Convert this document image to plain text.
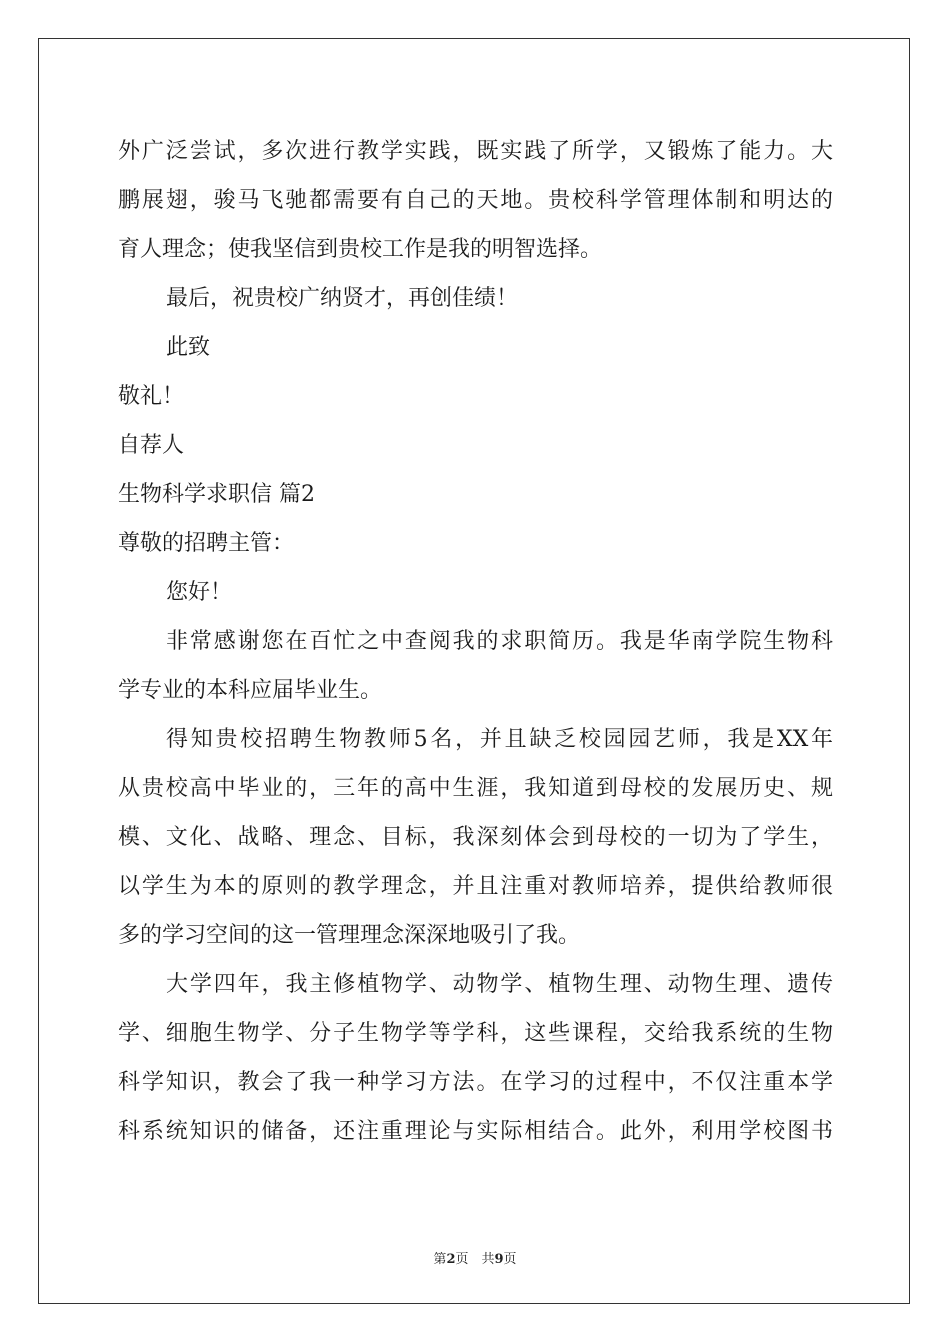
外广泛尝试，多次进行教学实践，既实践了所学，又锻炼了能力。大
鹏展翅，骏马飞驰都需要有自己的天地。贵校科学管理体制和明达的
育人理念；使我坚信到贵校工作是我的明智选择。
最后，祝贵校广纳贤才，再创佳绩！
此致
敬礼！
自荐人
生物科学求职信 篇2
尊敬的招聘主管：
您好！
非常感谢您在百忙之中查阅我的求职简历。我是华南学院生物科
学专业的本科应届毕业生。
得知贵校招聘生物教师5名，并且缺乏校园园艺师，我是XX年
从贵校高中毕业的，三年的高中生涯，我知道到母校的发展历史、规
模、文化、战略、理念、目标，我深刻体会到母校的一切为了学生，
以学生为本的原则的教学理念，并且注重对教师培养，提供给教师很
多的学习空间的这一管理理念深深地吸引了我。
大学四年，我主修植物学、动物学、植物生理、动物生理、遗传
学、细胞生物学、分子生物学等学科，这些课程，交给我系统的生物
科学知识，教会了我一种学习方法。在学习的过程中，不仅注重本学
科系统知识的储备，还注重理论与实际相结合。此外，利用学校图书
第2页　共9页
